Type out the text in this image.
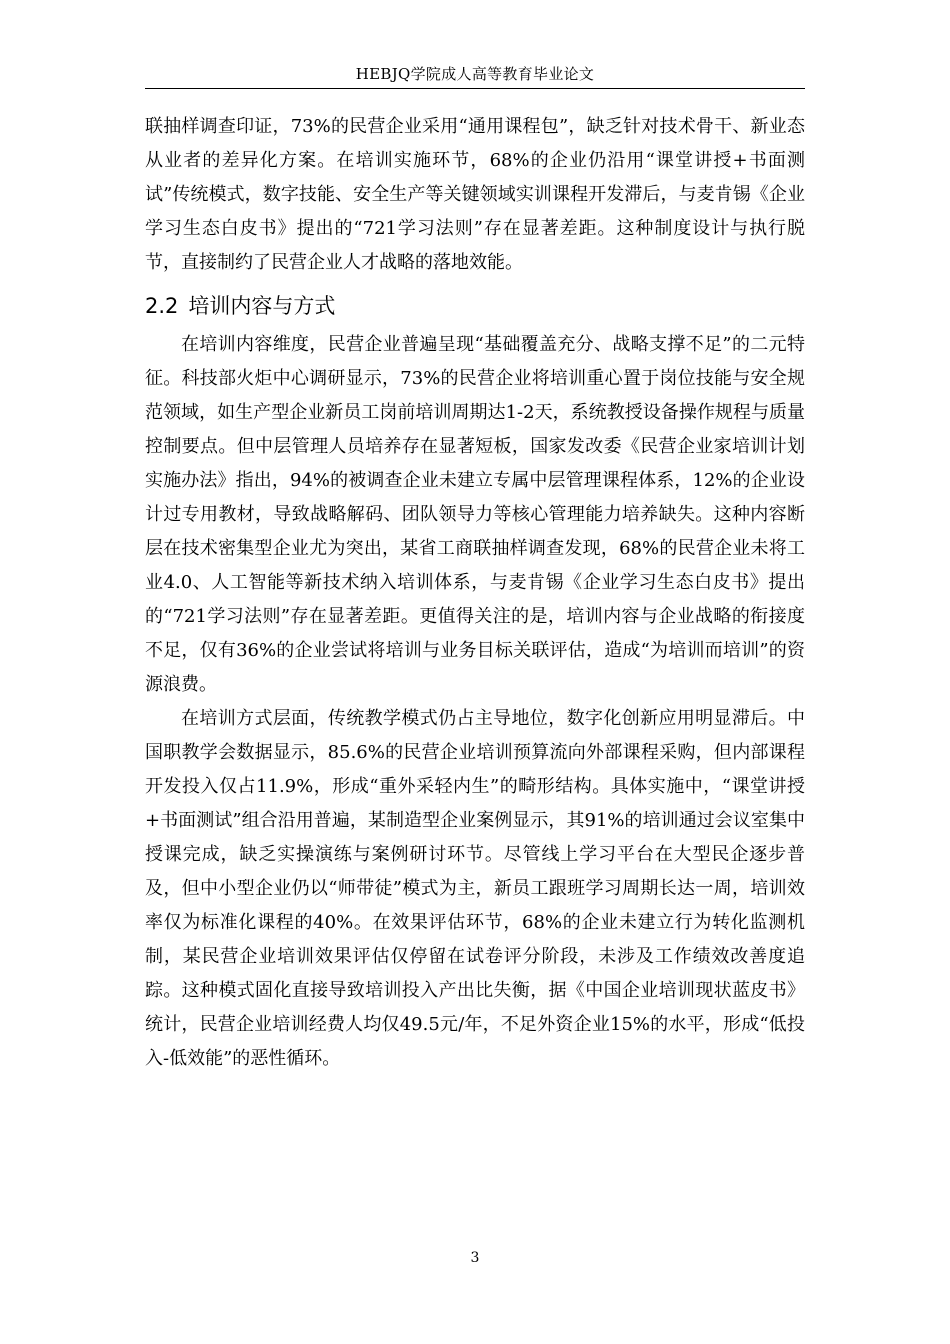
HEBJQ学院成人高等教育毕业论文

联抽样调查印证，73%的民营企业采用“通用课程包”，缺乏针对技术骨干、新业态从业者的差异化方案。在培训实施环节，68%的企业仍沿用“课堂讲授+书面测试”传统模式，数字技能、安全生产等关键领域实训课程开发滞后，与麦肯锡《企业学习生态白皮书》提出的“721学习法则”存在显著差距。这种制度设计与执行脱节，直接制约了民营企业人才战略的落地效能。

2.2 培训内容与方式

在培训内容维度，民营企业普遍呈现“基础覆盖充分、战略支撑不足”的二元特征。科技部火炬中心调研显示，73%的民营企业将培训重心置于岗位技能与安全规范领域，如生产型企业新员工岗前培训周期达1-2天，系统教授设备操作规程与质量控制要点。但中层管理人员培养存在显著短板，国家发改委《民营企业家培训计划实施办法》指出，94%的被调查企业未建立专属中层管理课程体系，12%的企业设计过专用教材，导致战略解码、团队领导力等核心管理能力培养缺失。这种内容断层在技术密集型企业尤为突出，某省工商联抽样调查发现，68%的民营企业未将工业4.0、人工智能等新技术纳入培训体系，与麦肯锡《企业学习生态白皮书》提出的“721学习法则”存在显著差距。更值得关注的是，培训内容与企业战略的衔接度不足，仅有36%的企业尝试将培训与业务目标关联评估，造成“为培训而培训”的资源浪费。

在培训方式层面，传统教学模式仍占主导地位，数字化创新应用明显滞后。中国职教学会数据显示，85.6%的民营企业培训预算流向外部课程采购，但内部课程开发投入仅占11.9%，形成“重外采轻内生”的畸形结构。具体实施中，“课堂讲授+书面测试”组合沿用普遍，某制造型企业案例显示，其91%的培训通过会议室集中授课完成，缺乏实操演练与案例研讨环节。尽管线上学习平台在大型民企逐步普及，但中小型企业仍以“师带徒”模式为主，新员工跟班学习周期长达一周，培训效率仅为标准化课程的40%。在效果评估环节，68%的企业未建立行为转化监测机制，某民营企业培训效果评估仅停留在试卷评分阶段，未涉及工作绩效改善度追踪。这种模式固化直接导致培训投入产出比失衡，据《中国企业培训现状蓝皮书》统计，民营企业培训经费人均仅49.5元/年，不足外资企业15%的水平，形成“低投入-低效能”的恶性循环。

3
